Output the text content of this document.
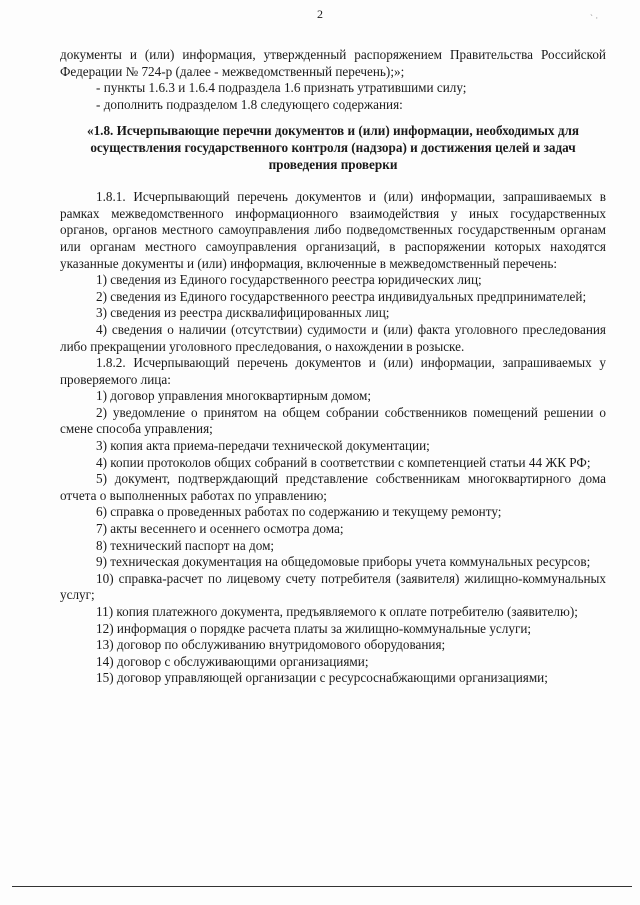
2	` ·

документы и (или) информация, утвержденный распоряжением Правительства Российской Федерации № 724-р (далее - межведомственный перечень);»;

- пункты 1.6.3 и 1.6.4 подраздела 1.6 признать утратившими силу;

- дополнить подразделом 1.8 следующего содержания:

«1.8. Исчерпывающие перечни документов и (или) информации, необходимых для осуществления государственного контроля (надзора) и достижения целей и задач проведения проверки

1.8.1. Исчерпывающий перечень документов и (или) информации, запрашиваемых в рамках межведомственного информационного взаимодействия у иных государственных органов, органов местного самоуправления либо подведомственных государственным органам или органам местного самоуправления организаций, в распоряжении которых находятся указанные документы и (или) информация, включенные в межведомственный перечень:

1) сведения из Единого государственного реестра юридических лиц;

2) сведения из Единого государственного реестра индивидуальных предпринимателей;

3) сведения из реестра дисквалифицированных лиц;

4) сведения о наличии (отсутствии) судимости и (или) факта уголовного преследования либо прекращении уголовного преследования, о нахождении в розыске.

1.8.2. Исчерпывающий перечень документов и (или) информации, запрашиваемых у проверяемого лица:

1) договор управления многоквартирным домом;

2) уведомление о принятом на общем собрании собственников помещений решении о смене способа управления;

3) копия акта приема-передачи технической документации;

4) копии протоколов общих собраний в соответствии с компетенцией статьи 44 ЖК РФ;

5) документ, подтверждающий представление собственникам многоквартирного дома отчета о выполненных работах по управлению;

6) справка о проведенных работах по содержанию и текущему ремонту;

7) акты весеннего и осеннего осмотра дома;

8) технический паспорт на дом;

9) техническая документация на общедомовые приборы учета коммунальных ресурсов;

10) справка-расчет по лицевому счету потребителя (заявителя) жилищно-коммунальных услуг;

11) копия платежного документа, предъявляемого к оплате потребителю (заявителю);

12) информация о порядке расчета платы за жилищно-коммунальные услуги;

13) договор по обслуживанию внутридомового оборудования;

14) договор с обслуживающими организациями;

15) договор управляющей организации с ресурсоснабжающими организациями;
